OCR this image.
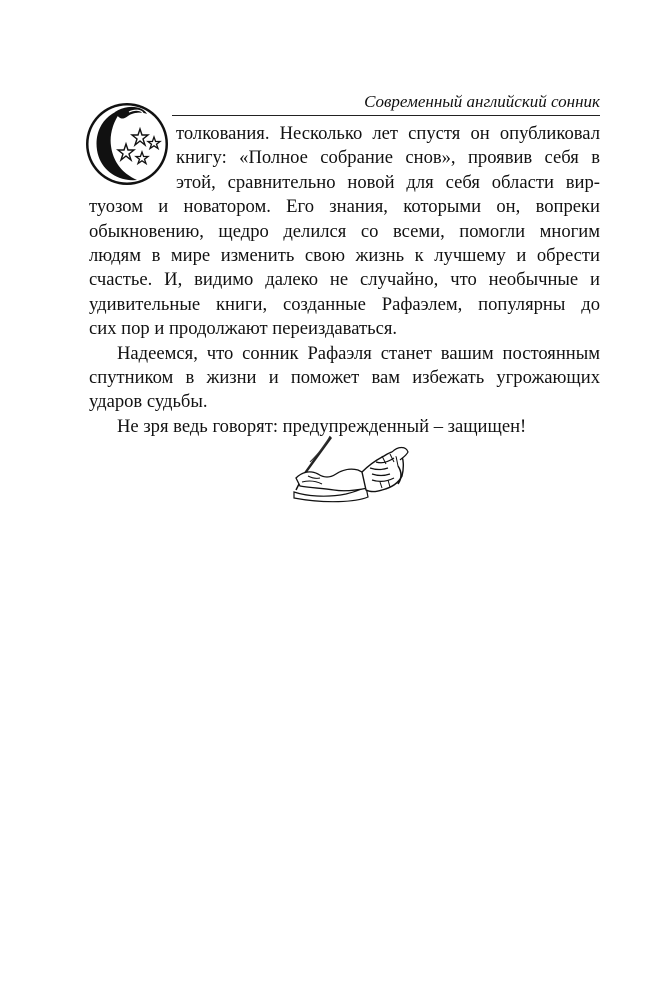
Современный английский сонник
толкования. Несколько лет спустя он опубликовал
книгу: «Полное собрание снов», проявив себя в
этой, сравнительно новой для себя области вир-
туозом и новатором. Его знания, которыми он, вопреки
обыкновению, щедро делился со всеми, помогли многим
людям в мире изменить свою жизнь к лучшему и обрести
счастье. И, видимо далеко не случайно, что необычные и
удивительные книги, созданные Рафаэлем, популярны до
сих пор и продолжают переиздаваться.
Надеемся, что сонник Рафаэля станет вашим постоянным
спутником в жизни и поможет вам избежать угрожающих
ударов судьбы.
Не зря ведь говорят: предупрежденный – защищен!
